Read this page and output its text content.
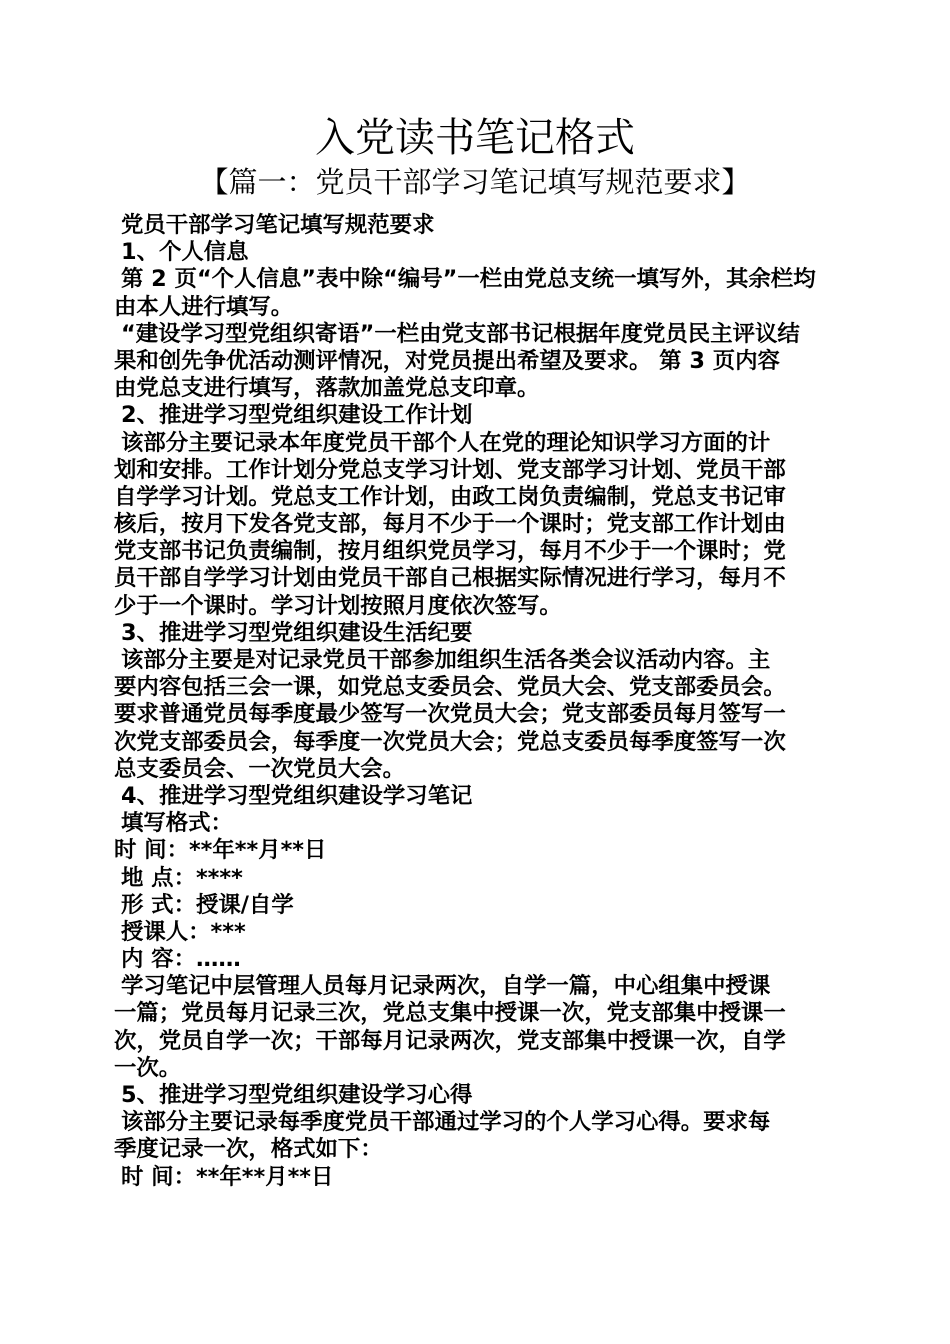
入党读书笔记格式
【篇一：党员干部学习笔记填写规范要求】
党员干部学习笔记填写规范要求
1、个人信息
第 2 页“个人信息”表中除“编号”一栏由党总支统一填写外，其余栏均
由本人进行填写。
“建设学习型党组织寄语”一栏由党支部书记根据年度党员民主评议结
果和创先争优活动测评情况，对党员提出希望及要求。 第 3 页内容
由党总支进行填写，落款加盖党总支印章。
2、推进学习型党组织建设工作计划
该部分主要记录本年度党员干部个人在党的理论知识学习方面的计
划和安排。工作计划分党总支学习计划、党支部学习计划、党员干部
自学学习计划。党总支工作计划，由政工岗负责编制，党总支书记审
核后，按月下发各党支部，每月不少于一个课时；党支部工作计划由
党支部书记负责编制，按月组织党员学习，每月不少于一个课时；党
员干部自学学习计划由党员干部自己根据实际情况进行学习，每月不
少于一个课时。学习计划按照月度依次签写。
3、推进学习型党组织建设生活纪要
该部分主要是对记录党员干部参加组织生活各类会议活动内容。主
要内容包括三会一课，如党总支委员会、党员大会、党支部委员会。
要求普通党员每季度最少签写一次党员大会；党支部委员每月签写一
次党支部委员会，每季度一次党员大会；党总支委员每季度签写一次
总支委员会、一次党员大会。
4、推进学习型党组织建设学习笔记
填写格式：
时 间：**年**月**日
地 点：****
形 式：授课/自学
授课人：***
内 容：……
学习笔记中层管理人员每月记录两次，自学一篇，中心组集中授课
一篇；党员每月记录三次，党总支集中授课一次，党支部集中授课一
次，党员自学一次；干部每月记录两次，党支部集中授课一次，自学
一次。
5、推进学习型党组织建设学习心得
该部分主要记录每季度党员干部通过学习的个人学习心得。要求每
季度记录一次，格式如下：
时 间：**年**月**日
